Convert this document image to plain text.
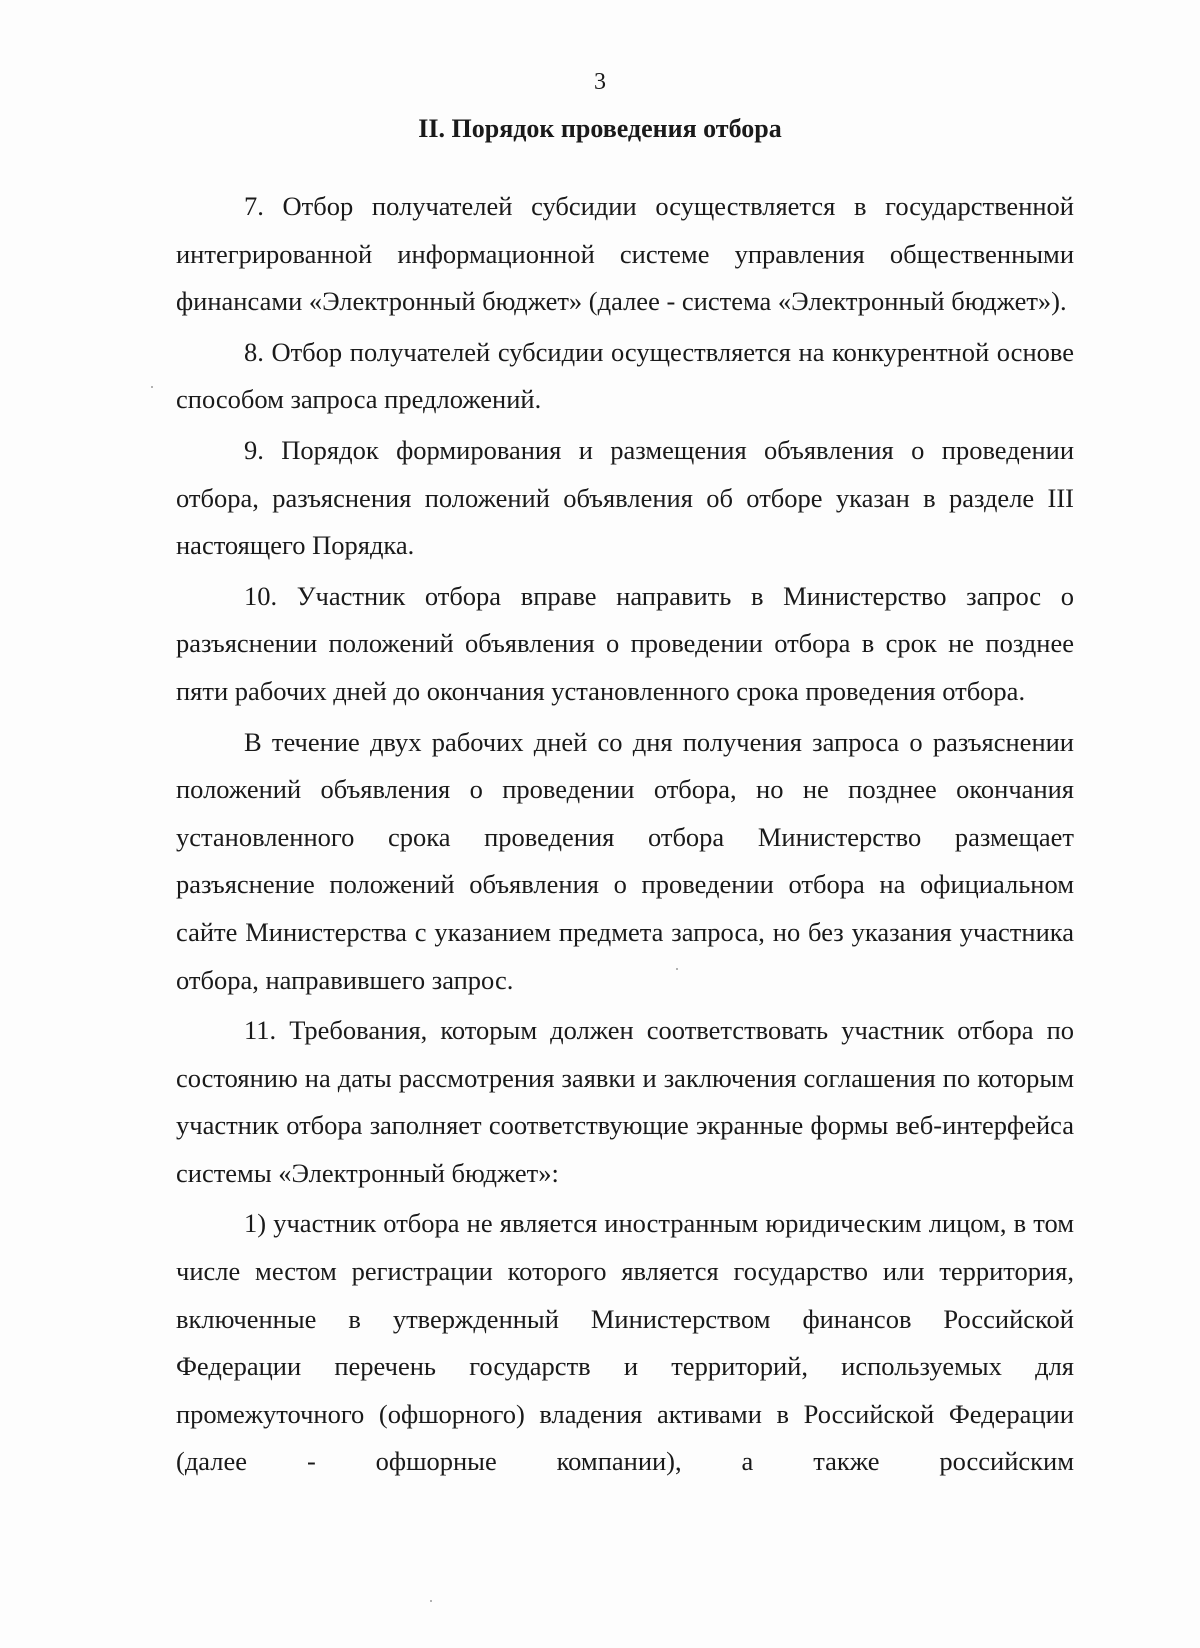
3
II. Порядок проведения отбора

7. Отбор получателей субсидии осуществляется в государственной интегрированной информационной системе управления общественными финансами «Электронный бюджет» (далее - система «Электронный бюджет»).

8. Отбор получателей субсидии осуществляется на конкурентной основе способом запроса предложений.

9. Порядок формирования и размещения объявления о проведении отбора, разъяснения положений объявления об отборе указан в разделе III настоящего Порядка.

10. Участник отбора вправе направить в Министерство запрос о разъяснении положений объявления о проведении отбора в срок не позднее пяти рабочих дней до окончания установленного срока проведения отбора.

В течение двух рабочих дней со дня получения запроса о разъяснении положений объявления о проведении отбора, но не позднее окончания установленного срока проведения отбора Министерство размещает разъяснение положений объявления о проведении отбора на официальном сайте Министерства с указанием предмета запроса, но без указания участника отбора, направившего запрос.

11. Требования, которым должен соответствовать участник отбора по состоянию на даты рассмотрения заявки и заключения соглашения по которым участник отбора заполняет соответствующие экранные формы веб-интерфейса системы «Электронный бюджет»:

1) участник отбора не является иностранным юридическим лицом, в том числе местом регистрации которого является государство или территория, включенные в утвержденный Министерством финансов Российской Федерации перечень государств и территорий, используемых для промежуточного (офшорного) владения активами в Российской Федерации (далее - офшорные компании), а также российским
